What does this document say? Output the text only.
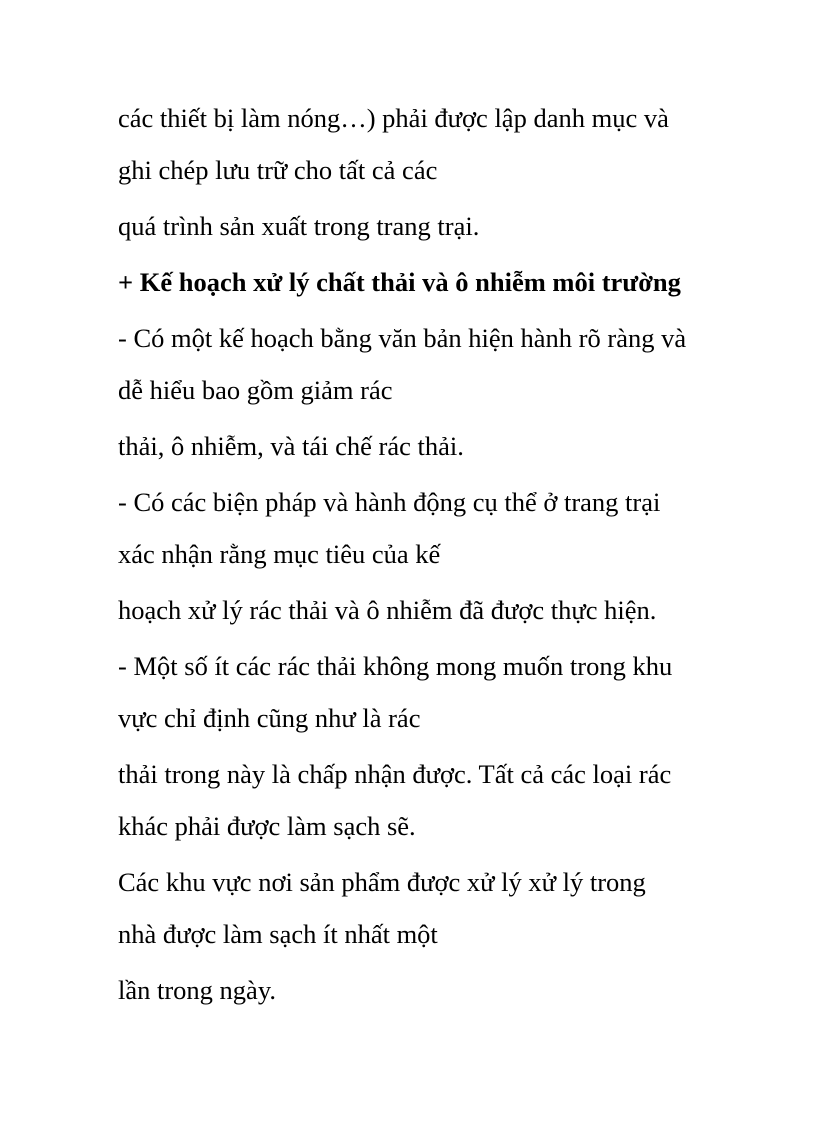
các thiết bị làm nóng…) phải được lập danh mục và

ghi chép lưu trữ cho tất cả các

quá trình sản xuất trong trang trại.

+ Kế hoạch xử lý chất thải và ô nhiễm môi trường

- Có một kế hoạch bằng văn bản hiện hành rõ ràng và

dễ hiểu bao gồm giảm rác

thải, ô nhiễm, và tái chế rác thải.

- Có các biện pháp và hành động cụ thể ở trang trại

xác nhận rằng mục tiêu của kế

hoạch xử lý rác thải và ô nhiễm đã được thực hiện.

- Một số ít các rác thải không mong muốn trong khu

vực chỉ định cũng như là rác

thải trong này là chấp nhận được. Tất cả các loại rác

khác phải được làm sạch sẽ.

Các khu vực nơi sản phẩm được xử lý xử lý trong

nhà được làm sạch ít nhất một

lần trong ngày.
